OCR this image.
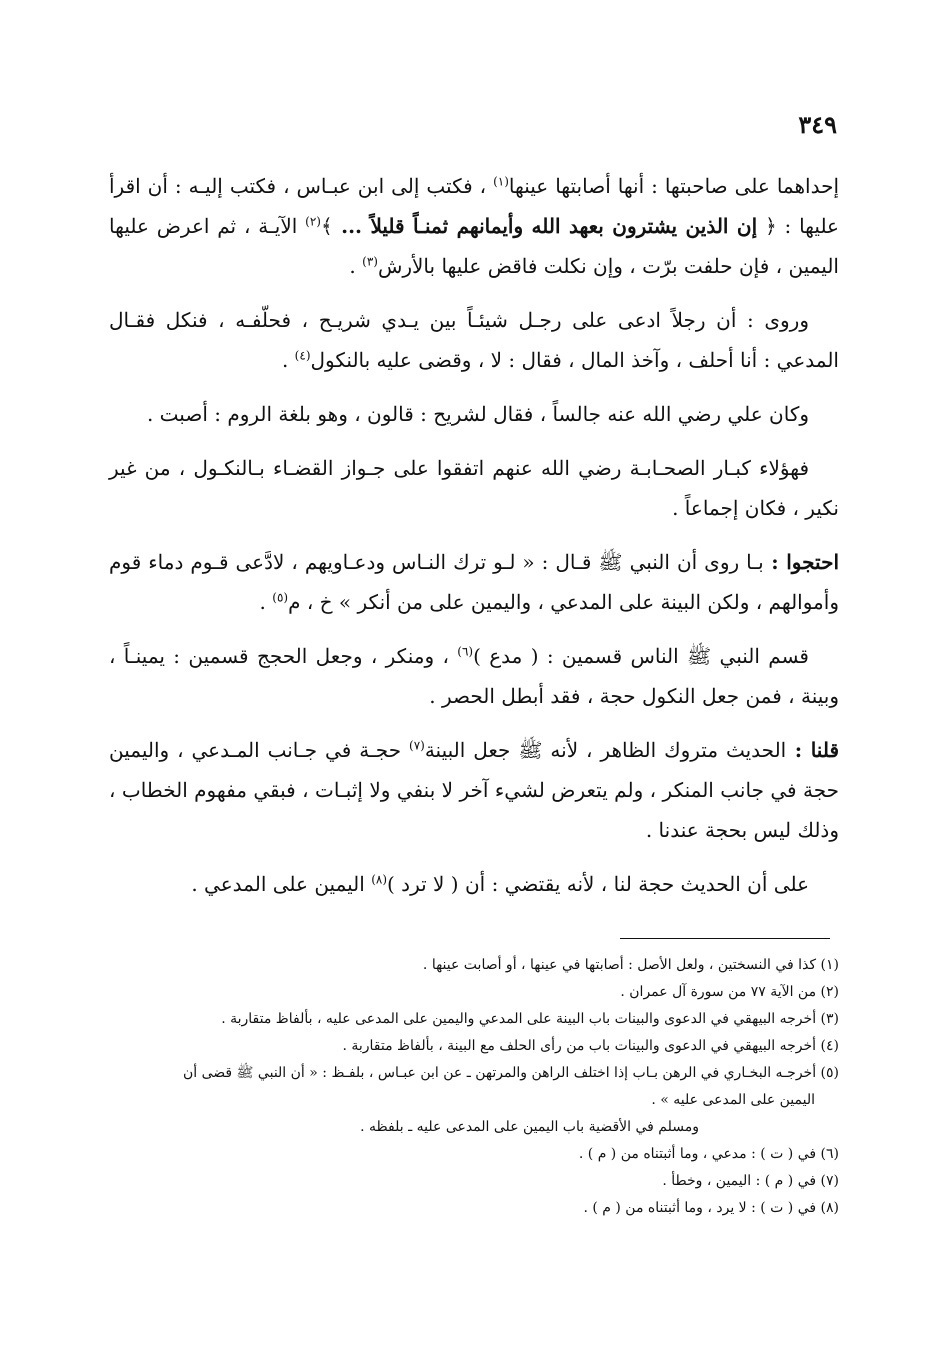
٣٤٩

إحداهما على صاحبتها : أنها أصابتها عينها$^{(١)}$ ، فكتب إلى ابن عبـاس ، فكتب إليـه : أن اقرأ عليها : ﴿ إن الذين يشترون بعهد الله وأيمانهم ثمنـاً قليلاً ... ﴾$^{(٢)}$ الآيـة ، ثم اعرض عليها اليمين ، فإن حلفت برّت ، وإن نكلت فاقض عليها بالأرش$^{(٣)}$ .

وروى : أن رجلاً ادعى على رجـل شيئـاً بين يـدي شريـح ، فحلّفـه ، فنكل فقـال المدعي : أنا أحلف ، وآخذ المال ، فقال : لا ، وقضى عليه بالنكول$^{(٤)}$ .

وكان علي رضي الله عنه جالساً ، فقال لشريح : قالون ، وهو بلغة الروم : أصبت .

فهؤلاء كبـار الصحـابـة رضي الله عنهم اتفقوا على جـواز القضـاء بـالنكـول ، من غير نكير ، فكان إجماعاً .

احتجوا : بـا روى أن النبي ﷺ قـال : « لـو ترك النـاس ودعـاويهم ، لادَّعى قـوم دماء قوم وأموالهم ، ولكن البينة على المدعي ، واليمين على من أنكر » خ ، م$^{(٥)}$ .

قسم النبي ﷺ الناس قسمين : ( مدع )$^{(٦)}$ ، ومنكر ، وجعل الحجج قسمين : يمينـاً ، وبينة ، فمن جعل النكول حجة ، فقد أبطل الحصر .

قلنا : الحديث متروك الظاهر ، لأنه ﷺ جعل البينة$^{(٧)}$ حجـة في جـانب المـدعي ، واليمين حجة في جانب المنكر ، ولم يتعرض لشيء آخر لا بنفي ولا إثبـات ، فبقي مفهوم الخطاب ، وذلك ليس بحجة عندنا .

على أن الحديث حجة لنا ، لأنه يقتضي : أن ( لا ترد )$^{(٨)}$ اليمين على المدعي .

(١) كذا في النسختين ، ولعل الأصل : أصابتها في عينها ، أو أصابت عينها .

(٢) من الآية ٧٧ من سورة آل عمران .

(٣) أخرجه البيهقي في الدعوى والبينات باب البينة على المدعي واليمين على المدعى عليه ، بألفاظ متقاربة .

(٤) أخرجه البيهقي في الدعوى والبينات باب من رأى الحلف مع البينة ، بألفاظ متقاربة .

(٥) أخرجـه البخـاري في الرهن بـاب إذا اختلف الراهن والمرتهن ـ عن ابن عبـاس ، بلفـظ : « أن النبي ﷺ قضى أن

اليمين على المدعى عليه » .

ومسلم في الأقضية باب اليمين على المدعى عليه ـ بلفظه .

(٦) في ( ت ) : مدعي ، وما أثبتناه من ( م ) .

(٧) في ( م ) : اليمين ، وخطأ .

(٨) في ( ت ) : لا يرد ، وما أثبتناه من ( م ) .
